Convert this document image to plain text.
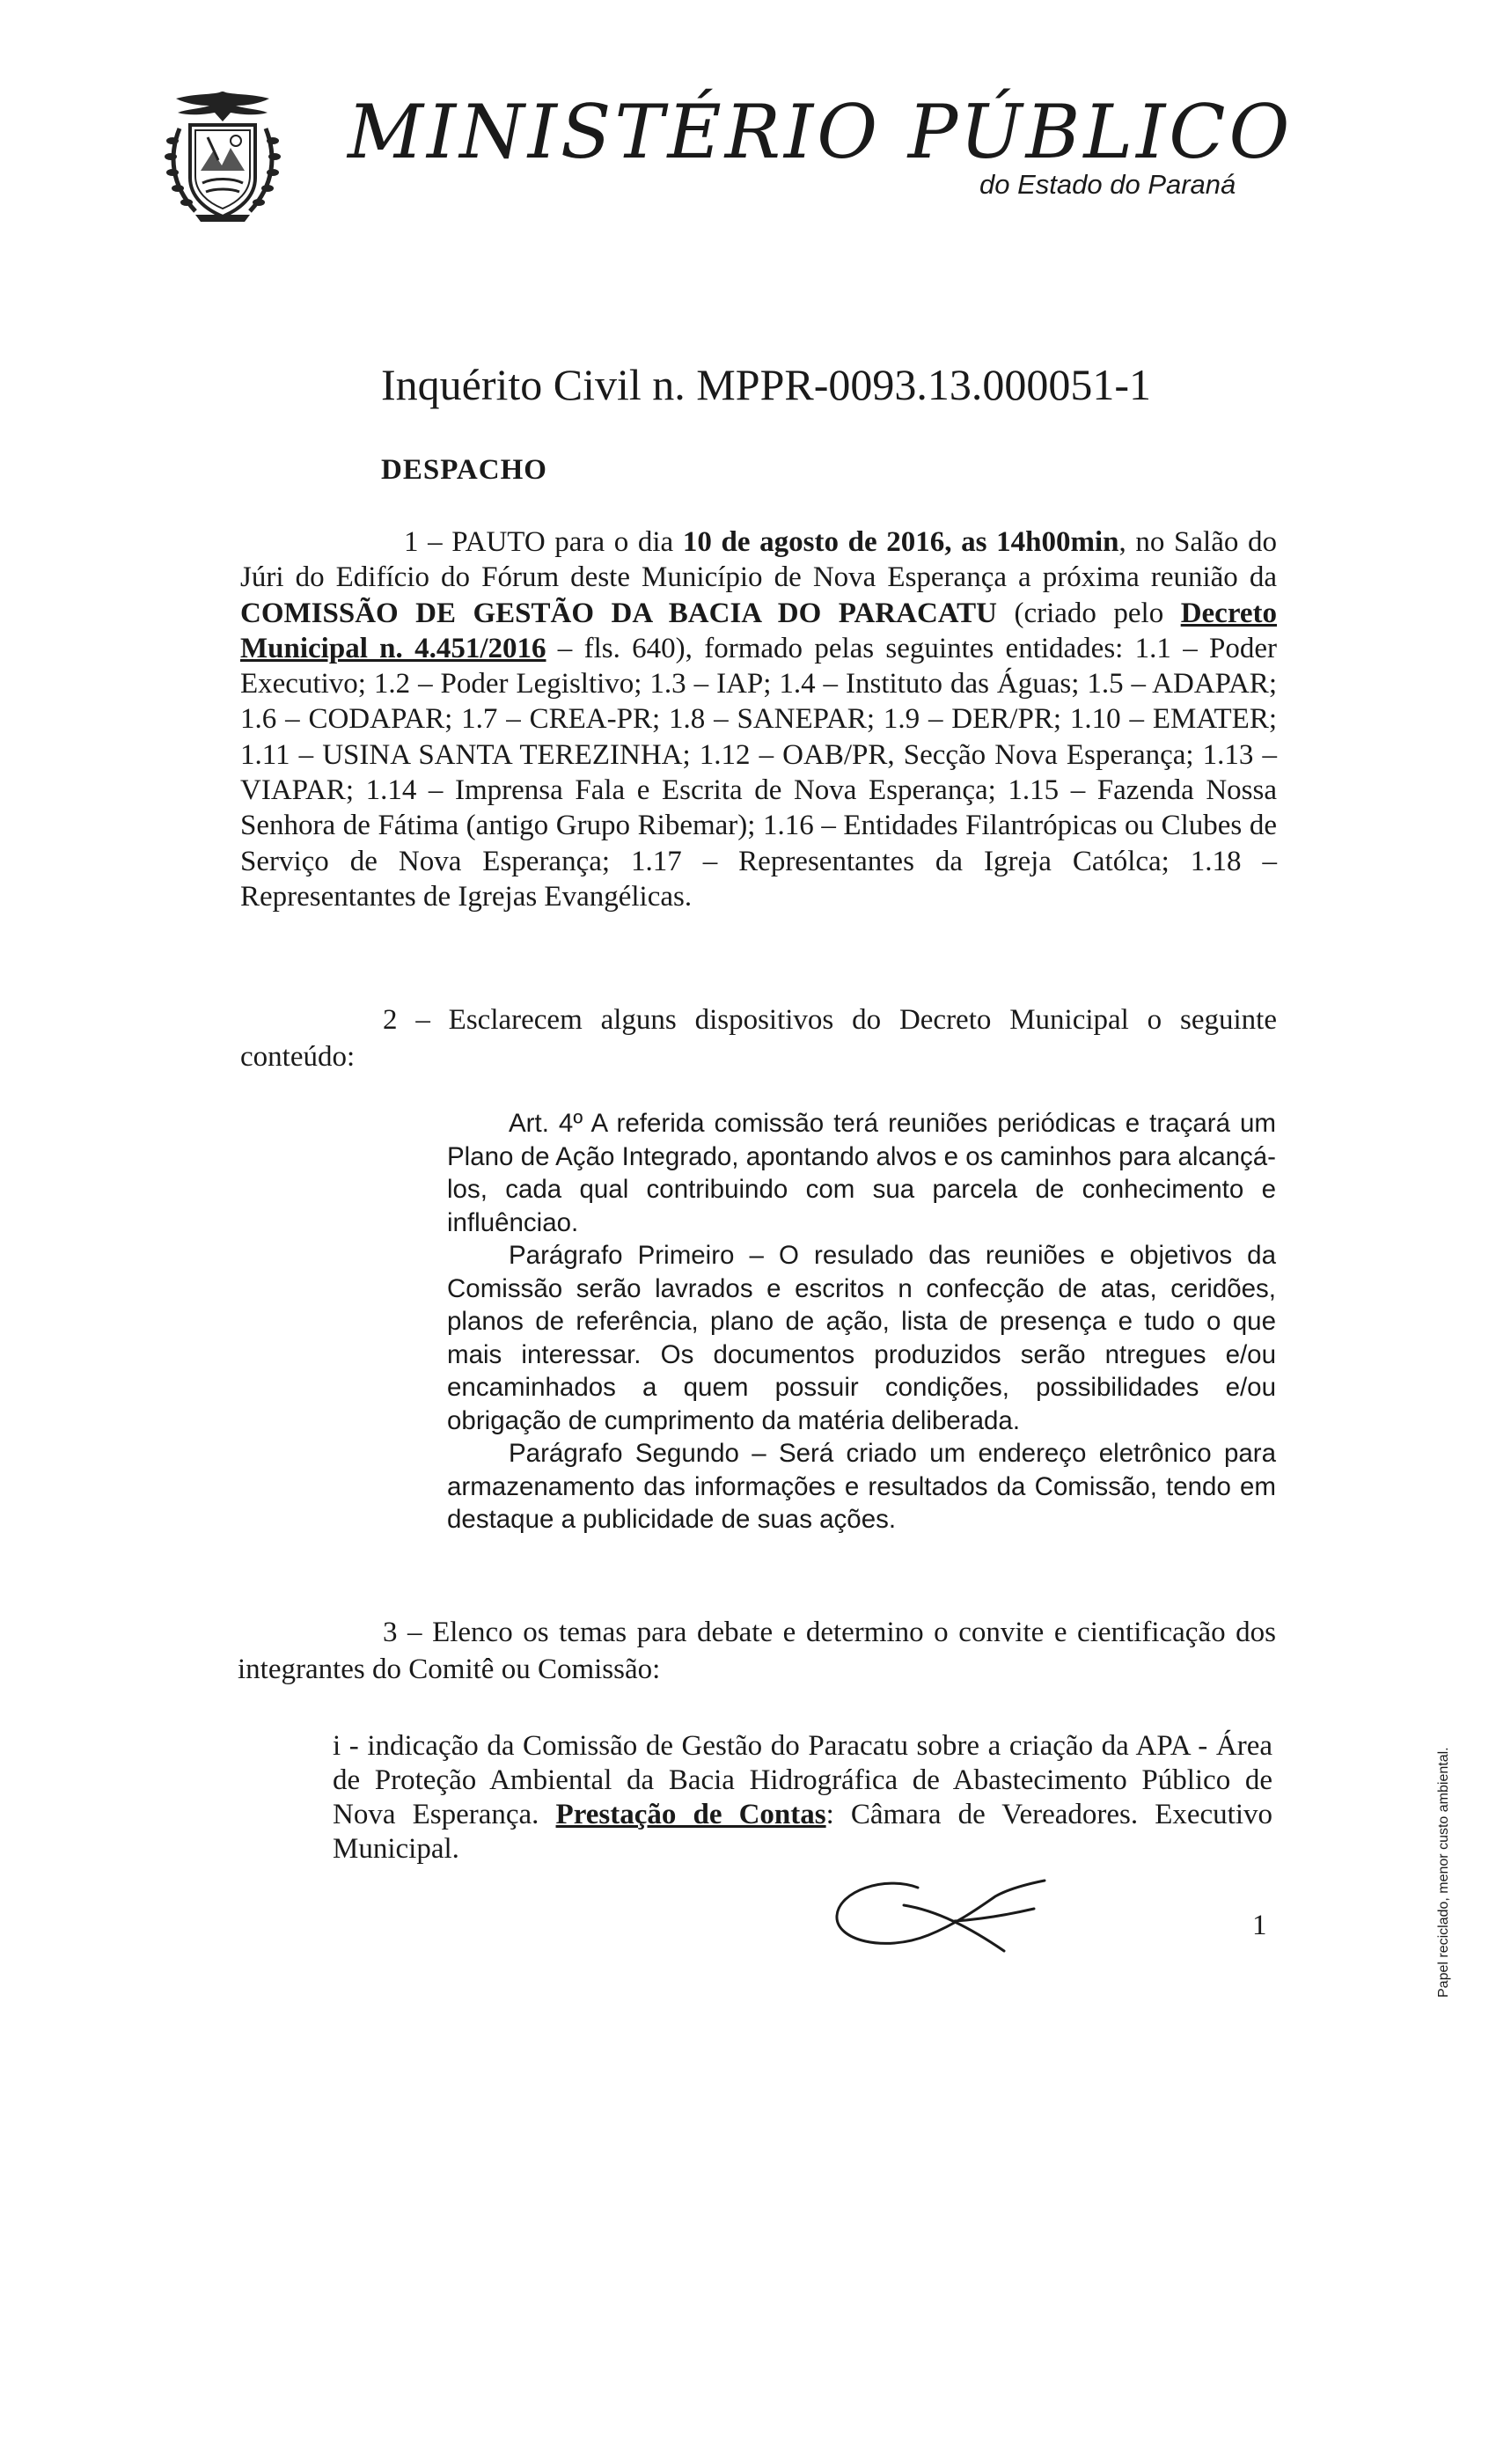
MINISTÉRIO PÚBLICO
do Estado do Paraná
Inquérito Civil n. MPPR-0093.13.000051-1
DESPACHO
1 – PAUTO para o dia 10 de agosto de 2016, as 14h00min, no Salão do Júri do Edifício do Fórum deste Município de Nova Esperança a próxima reunião da COMISSÃO DE GESTÃO DA BACIA DO PARACATU (criado pelo Decreto Municipal n. 4.451/2016 – fls. 640), formado pelas seguintes entidades: 1.1 – Poder Executivo; 1.2 – Poder Legisltivo; 1.3 – IAP; 1.4 – Instituto das Águas; 1.5 – ADAPAR; 1.6 – CODAPAR; 1.7 – CREA-PR; 1.8 – SANEPAR; 1.9 – DER/PR; 1.10 – EMATER; 1.11 – USINA SANTA TEREZINHA; 1.12 – OAB/PR, Secção Nova Esperança; 1.13 – VIAPAR; 1.14 – Imprensa Fala e Escrita de Nova Esperança; 1.15 – Fazenda Nossa Senhora de Fátima (antigo Grupo Ribemar); 1.16 – Entidades Filantrópicas ou Clubes de Serviço de Nova Esperança; 1.17 – Representantes da Igreja Católca; 1.18 – Representantes de Igrejas Evangélicas.
2 – Esclarecem alguns dispositivos do Decreto Municipal o seguinte conteúdo:

Art. 4º A referida comissão terá reuniões periódicas e traçará um Plano de Ação Integrado, apontando alvos e os caminhos para alcançá-los, cada qual contribuindo com sua parcela de conhecimento e influênciao.

Parágrafo Primeiro – O resulado das reuniões e objetivos da Comissão serão lavrados e escritos n confecção de atas, ceridões, planos de referência, plano de ação, lista de presença e tudo o que mais interessar. Os documentos produzidos serão ntregues e/ou encaminhados a quem possuir condições, possibilidades e/ou obrigação de cumprimento da matéria deliberada.

Parágrafo Segundo – Será criado um endereço eletrônico para armazenamento das informações e resultados da Comissão, tendo em destaque a publicidade de suas ações.

3 – Elenco os temas para debate e determino o convite e cientificação dos integrantes do Comitê ou Comissão:
i - indicação da Comissão de Gestão do Paracatu sobre a criação da APA - Área de Proteção Ambiental da Bacia Hidrográfica de Abastecimento Público de Nova Esperança. Prestação de Contas: Câmara de Vereadores. Executivo Municipal.
1	Papel reciclado, menor custo ambiental.
